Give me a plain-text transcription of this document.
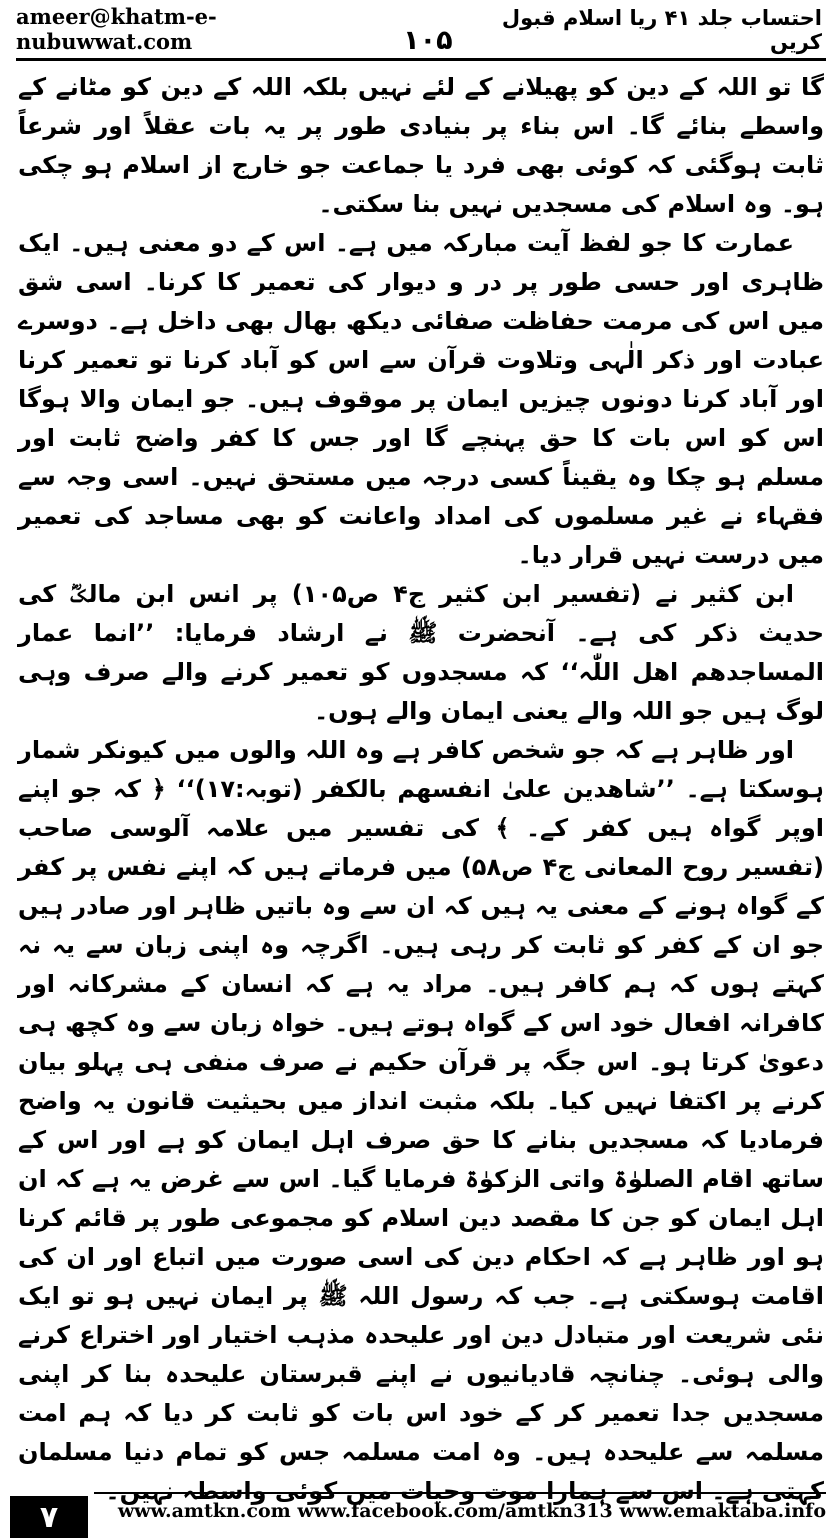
ameer@khatm-e-nubuwwat.com	۱۰۵
احتساب جلد ۴۱ ریا اسلام قبول کریں

گا تو اللہ کے دین کو پھیلانے کے لئے نہیں بلکہ اللہ کے دین کو مٹانے کے واسطے بنائے گا۔ اس بناء پر بنیادی طور پر یہ بات عقلاً اور شرعاً ثابت ہوگئی کہ کوئی بھی فرد یا جماعت جو خارج از اسلام ہو چکی ہو۔ وہ اسلام کی مسجدیں نہیں بنا سکتی۔

عمارت کا جو لفظ آیت مبارکہ میں ہے۔ اس کے دو معنی ہیں۔ ایک ظاہری اور حسی طور پر در و دیوار کی تعمیر کا کرنا۔ اسی شق میں اس کی مرمت حفاظت صفائی دیکھ بھال بھی داخل ہے۔ دوسرے عبادت اور ذکر الٰہی وتلاوت قرآن سے اس کو آباد کرنا تو تعمیر کرنا اور آباد کرنا دونوں چیزیں ایمان پر موقوف ہیں۔ جو ایمان والا ہوگا اس کو اس بات کا حق پہنچے گا اور جس کا کفر واضح ثابت اور مسلم ہو چکا وہ یقیناً کسی درجہ میں مستحق نہیں۔ اسی وجہ سے فقہاء نے غیر مسلموں کی امداد واعانت کو بھی مساجد کی تعمیر میں درست نہیں قرار دیا۔

ابن کثیر نے (تفسیر ابن کثیر ج۴ ص۱۰۵) پر انس ابن مالکؓ کی حدیث ذکر کی ہے۔ آنحضرت ﷺ نے ارشاد فرمایا: ’’انما عمار المساجدھم اھل اللّٰہ‘‘ کہ مسجدوں کو تعمیر کرنے والے صرف وہی لوگ ہیں جو اللہ والے یعنی ایمان والے ہوں۔

اور ظاہر ہے کہ جو شخص کافر ہے وہ اللہ والوں میں کیونکر شمار ہوسکتا ہے۔ ’’شاھدین علیٰ انفسھم بالکفر (توبہ:۱۷)‘‘ ﴿ کہ جو اپنے اوپر گواہ ہیں کفر کے۔ ﴾ کی تفسیر میں علامہ آلوسی صاحب (تفسیر روح المعانی ج۴ ص۵۸) میں فرماتے ہیں کہ اپنے نفس پر کفر کے گواہ ہونے کے معنی یہ ہیں کہ ان سے وہ باتیں ظاہر اور صادر ہیں جو ان کے کفر کو ثابت کر رہی ہیں۔ اگرچہ وہ اپنی زبان سے یہ نہ کہتے ہوں کہ ہم کافر ہیں۔ مراد یہ ہے کہ انسان کے مشرکانہ اور کافرانہ افعال خود اس کے گواہ ہوتے ہیں۔ خواہ زبان سے وہ کچھ ہی دعویٰ کرتا ہو۔ اس جگہ پر قرآن حکیم نے صرف منفی ہی پہلو بیان کرنے پر اکتفا نہیں کیا۔ بلکہ مثبت انداز میں بحیثیت قانون یہ واضح فرمادیا کہ مسجدیں بنانے کا حق صرف اہل ایمان کو ہے اور اس کے ساتھ اقام الصلوٰۃ واتی الزکوٰۃ فرمایا گیا۔ اس سے غرض یہ ہے کہ ان اہل ایمان کو جن کا مقصد دین اسلام کو مجموعی طور پر قائم کرنا ہو اور ظاہر ہے کہ احکام دین کی اسی صورت میں اتباع اور ان کی اقامت ہوسکتی ہے۔ جب کہ رسول اللہ ﷺ پر ایمان نہیں ہو تو ایک نئی شریعت اور متبادل دین اور علیحدہ مذہب اختیار اور اختراع کرنے والی ہوئی۔ چنانچہ قادیانیوں نے اپنے قبرستان علیحدہ بنا کر اپنی مسجدیں جدا تعمیر کر کے خود اس بات کو ثابت کر دیا کہ ہم امت مسلمہ سے علیحدہ ہیں۔ وہ امت مسلمہ جس کو تمام دنیا مسلمان کہتی ہے۔ اس سے ہمارا موت وحیات میں کوئی واسطہ نہیں۔

۷	www.amtkn.com www.facebook.com/amtkn313 www.emaktaba.info
